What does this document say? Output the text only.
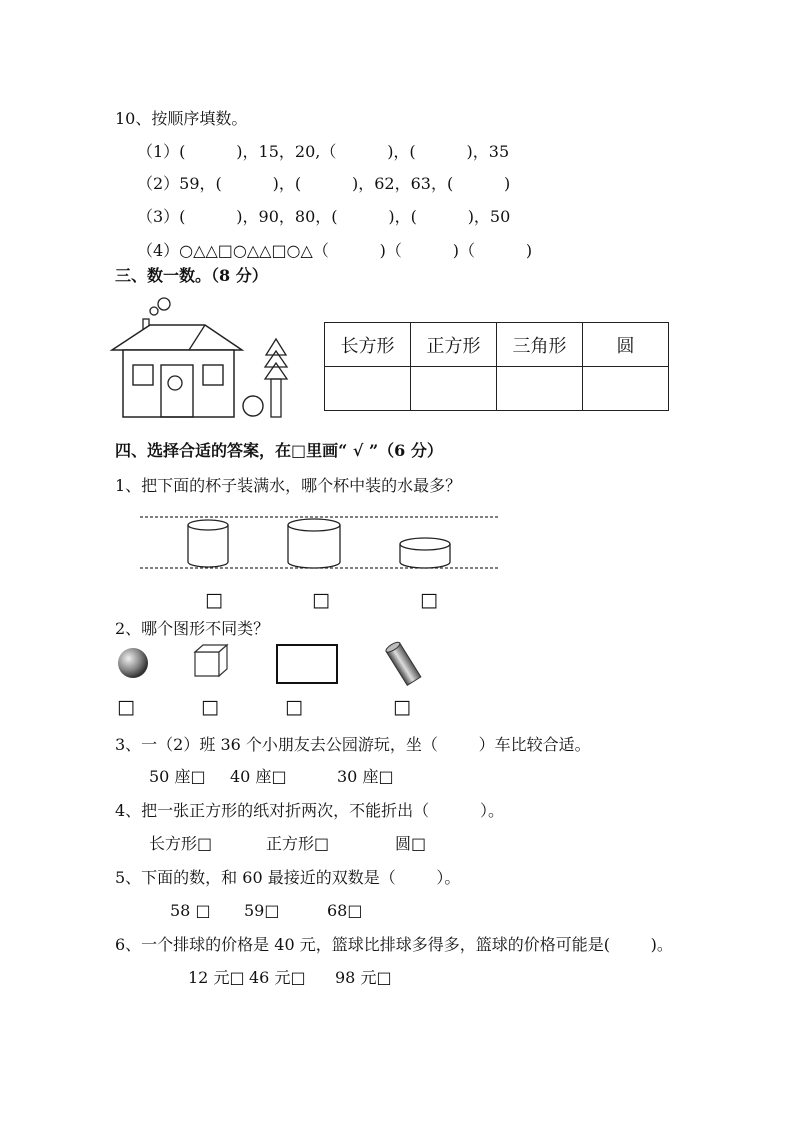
10、按顺序填数。
（1）(          )，15，20,（          )，(          )，35
（2）59，(          )，(          )，62，63，(          )
（3）(          )，90，80，(          )，(          )，50
（4）○△△□○△△□○△（          )（          )（          )
三、数一数。（8 分）
长方形	正方形	三角形	圆

四、选择合适的答案，在□里画“ √ ”（6 分）
1、把下面的杯子装满水，哪个杯中装的水最多？
□	□	□
2、哪个图形不同类？
□	□	□	□
3、一（2）班 36 个小朋友去公园游玩，坐（        ）车比较合适。
50 座□ 40 座□	30 座□
4、把一张正方形的纸对折两次，不能折出（          ）。
长方形□	正方形□	圆□
5、下面的数，和 60 最接近的双数是（        ）。
58 □ 59□	68□
6、一个排球的价格是 40 元，篮球比排球多得多，篮球的价格可能是(        )。
12 元□ 46 元□ 98 元□
